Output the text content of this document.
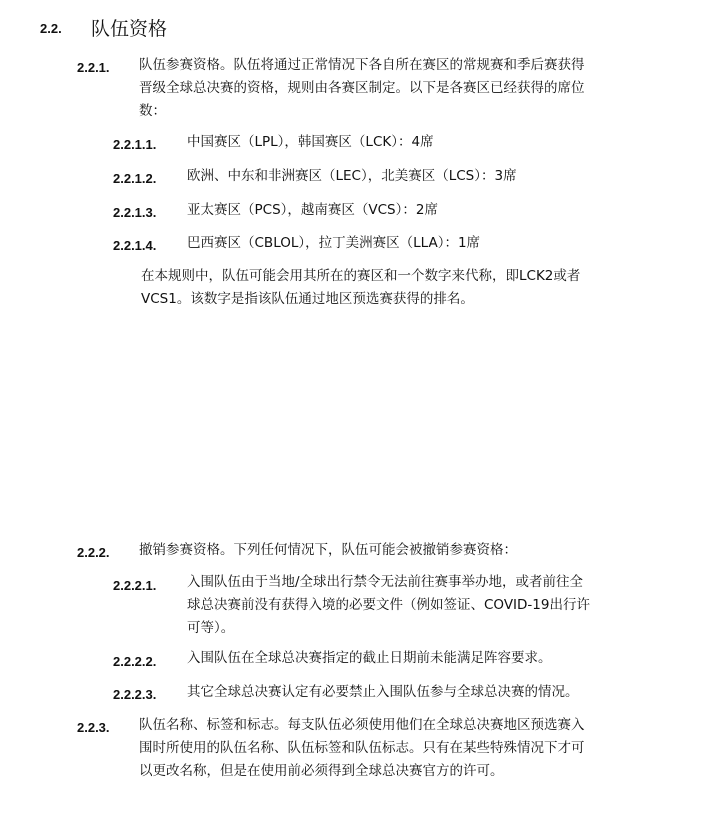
2.2. 队伍资格
2.2.1. 队伍参赛资格。队伍将通过正常情况下各自所在赛区的常规赛和季后赛获得
晋级全球总决赛的资格，规则由各赛区制定。以下是各赛区已经获得的席位
数：
2.2.1.1. 中国赛区（LPL），韩国赛区（LCK）：4席
2.2.1.2. 欧洲、中东和非洲赛区（LEC），北美赛区（LCS）：3席
2.2.1.3. 亚太赛区（PCS），越南赛区（VCS）：2席
2.2.1.4. 巴西赛区（CBLOL），拉丁美洲赛区（LLA）：1席
在本规则中，队伍可能会用其所在的赛区和一个数字来代称，即LCK2或者
VCS1。该数字是指该队伍通过地区预选赛获得的排名。
2.2.2. 撤销参赛资格。下列任何情况下，队伍可能会被撤销参赛资格：
2.2.2.1. 入围队伍由于当地/全球出行禁令无法前往赛事举办地，或者前往全
球总决赛前没有获得入境的必要文件（例如签证、COVID-19出行许
可等）。
2.2.2.2. 入围队伍在全球总决赛指定的截止日期前未能满足阵容要求。
2.2.2.3. 其它全球总决赛认定有必要禁止入围队伍参与全球总决赛的情况。
2.2.3. 队伍名称、标签和标志。每支队伍必须使用他们在全球总决赛地区预选赛入
围时所使用的队伍名称、队伍标签和队伍标志。只有在某些特殊情况下才可
以更改名称，但是在使用前必须得到全球总决赛官方的许可。
